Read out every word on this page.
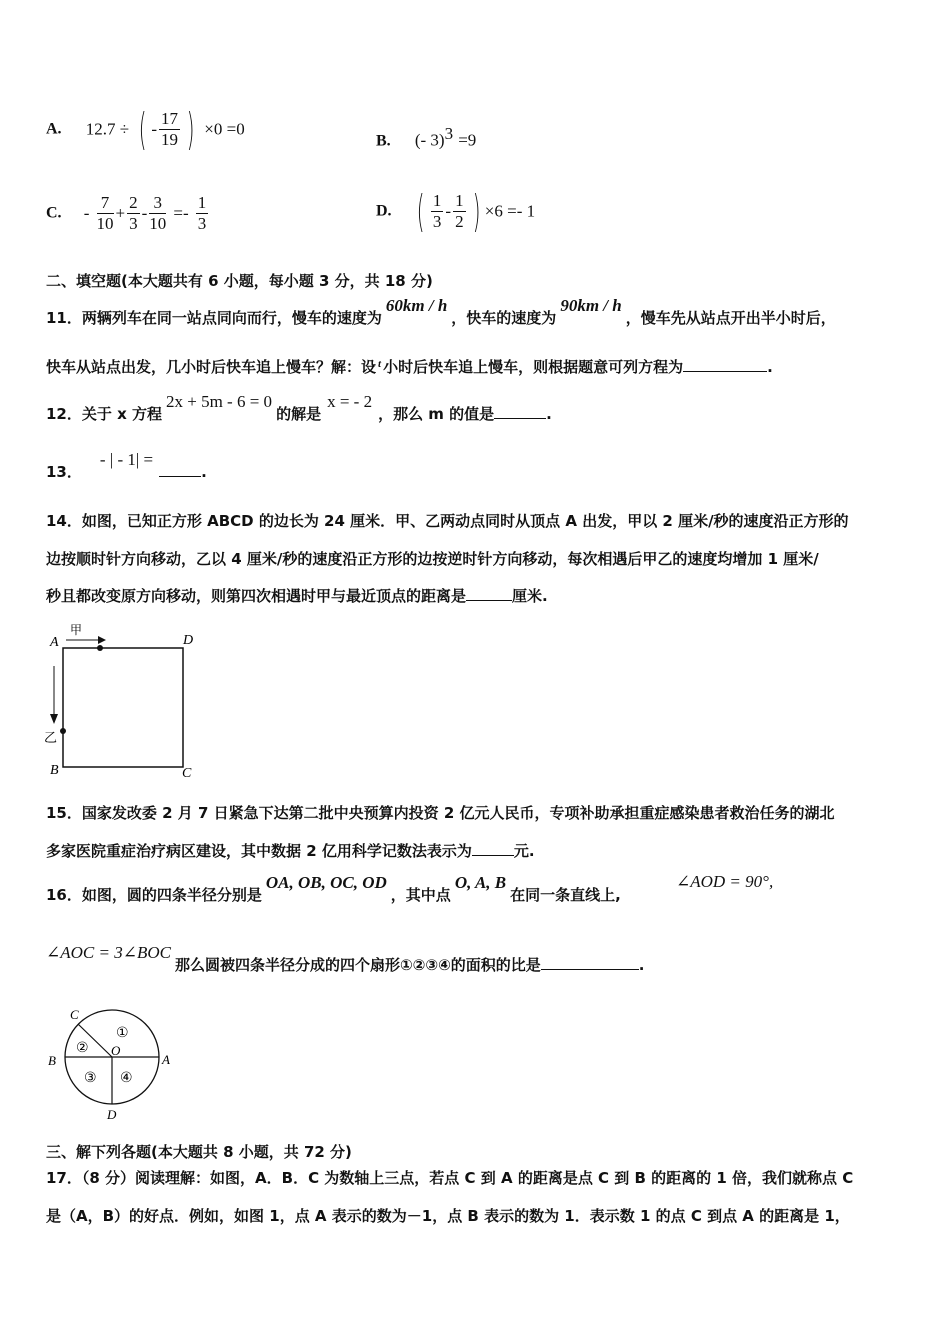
A. 12.7 ÷ ( - $\frac{17}{19}$ ) ×0 =0
B. (- 3)$^3$ =9
C. - $\frac{7}{10} + \frac{2}{3} - \frac{3}{10} =- \frac{1}{3}$	D. ( $\frac{1}{3} - \frac{1}{2}$ ) ×6 =- 1
二、填空题(本大题共有 6 小题，每小题 3 分，共 18 分)
11．两辆列车在同一站点同向而行，慢车的速度为60km / h，快车的速度为90km / h，慢车先从站点开出半小时后，
快车从站点出发，几小时后快车追上慢车？解：设 $^t$ 小时后快车追上慢车，则根据题意可列方程为	.
12．关于 x 方程2x + 5m - 6 = 0的解是x = - 2，那么 m 的值是	.
13．- | - 1| =.
14．如图，已知正方形 ABCD 的边长为 24 厘米．甲、乙两动点同时从顶点 A 出发，甲以 2 厘米/秒的速度沿正方形的
边按顺时针方向移动，乙以 4 厘米/秒的速度沿正方形的边按逆时针方向移动，每次相遇后甲乙的速度均增加 1 厘米/
秒且都改变原方向移动，则第四次相遇时甲与最近顶点的距离是	厘米.
A
甲
D
乙
B	C
15．国家发改委 2 月 7 日紧急下达第二批中央预算内投资 2 亿元人民币，专项补助承担重症感染患者救治任务的湖北
多家医院重症治疗病区建设，其中数据 2 亿用科学记数法表示为	元.
16．如图，圆的四条半径分别是OA, OB, OC, OD，其中点O, A, B在同一条直线上,
∠AOD = 90°,
∠AOC = 3∠BOC那么圆被四条半径分成的四个扇形①②③④的面积的比是	.
C
B
O
A
D
①
②
③ ④
三、解下列各题(本大题共 8 小题，共 72 分)
17．（8 分）阅读理解：如图，A．B．C 为数轴上三点，若点 C 到 A 的距离是点 C 到 B 的距离的 1 倍，我们就称点 C
是（A，B）的好点．例如，如图 1，点 A 表示的数为－1，点 B 表示的数为 1．表示数 1 的点 C 到点 A 的距离是 1，
